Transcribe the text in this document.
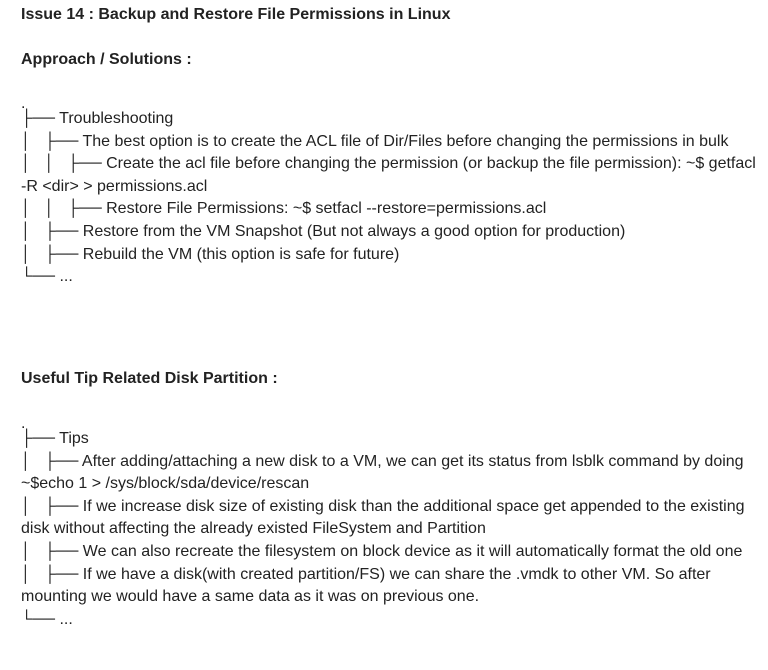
Issue 14 : Backup and Restore File Permissions in Linux
Approach / Solutions :

.

├── Troubleshooting

│   ├── The best option is to create the ACL file of Dir/Files before changing the permissions in bulk

│   │   ├── Create the acl file before changing the permission (or backup the file permission): ~$ getfacl -R <dir> > permissions.acl

│   │   ├── Restore File Permissions: ~$ setfacl --restore=permissions.acl

│   ├── Restore from the VM Snapshot (But not always a good option for production)

│   ├── Rebuild the VM (this option is safe for future)

└── ...

Useful Tip Related Disk Partition :

.

├── Tips

│   ├── After adding/attaching a new disk to a VM, we can get its status from lsblk command by doing ~$echo 1 > /sys/block/sda/device/rescan

│   ├── If we increase disk size of existing disk than the additional space get appended to the existing disk without affecting the already existed FileSystem and Partition

│   ├── We can also recreate the filesystem on block device as it will automatically format the old one

│   ├── If we have a disk(with created partition/FS) we can share the .vmdk to other VM. So after mounting we would have a same data as it was on previous one.

└── ...
